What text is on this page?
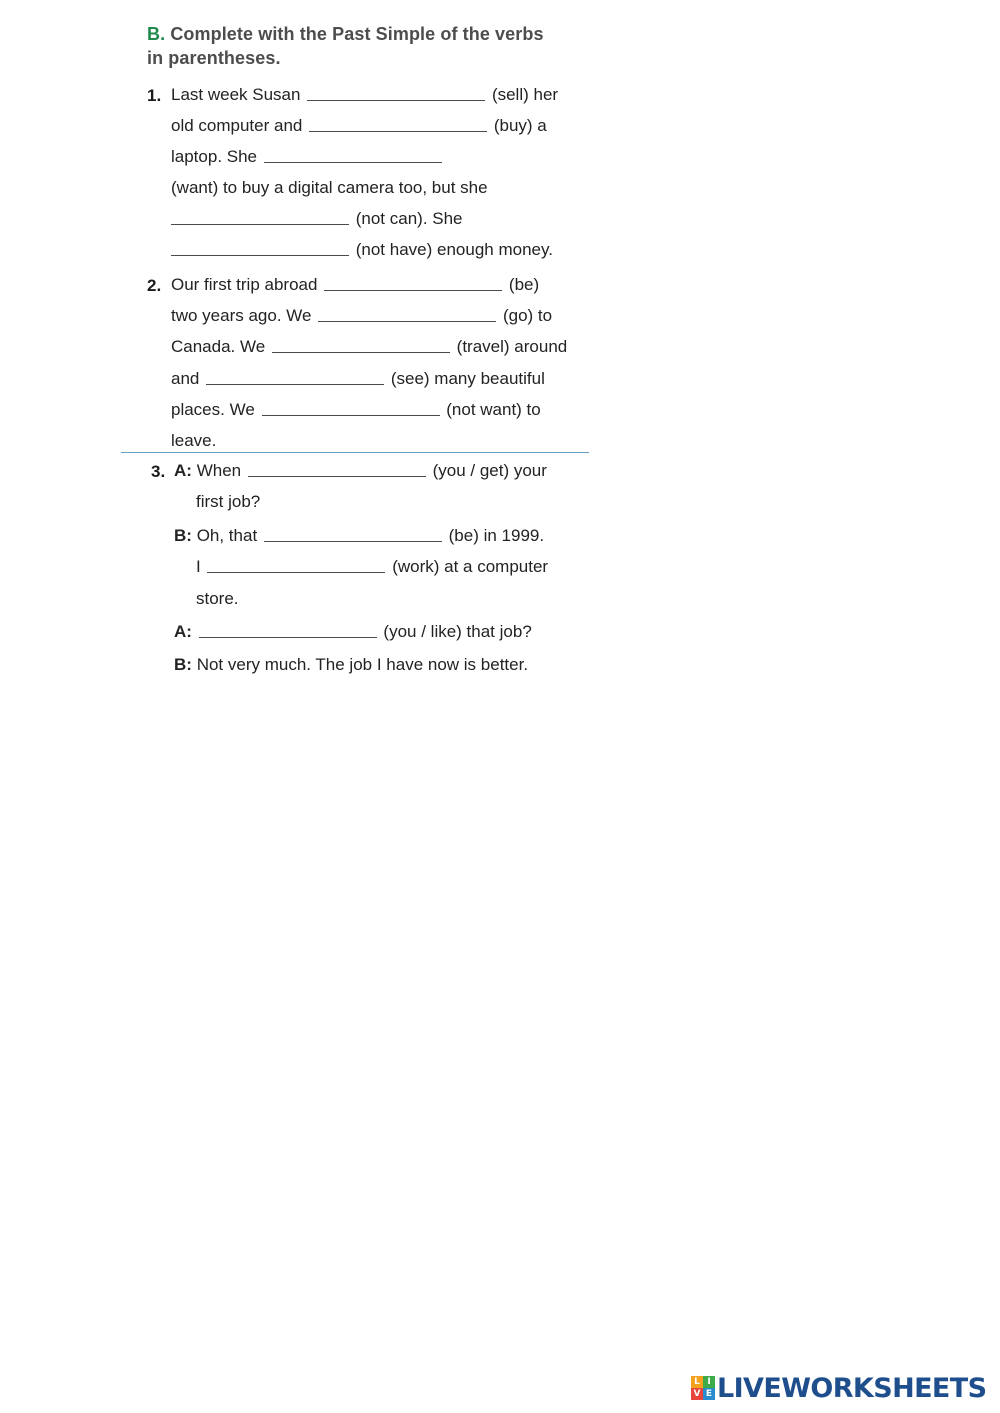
B. Complete with the Past Simple of the verbs
in parentheses.
1. Last week Susan	(sell) her
old computer and	(buy) a
laptop. She
(want) to buy a digital camera too, but she
(not can). She
(not have) enough money.
2. Our first trip abroad	(be)
two years ago. We	(go) to
Canada. We	(travel) around
and	(see) many beautiful
places. We	(not want) to
leave.
3. A: When	(you / get) your
first job?
B: Oh, that	(be) in 1999.
I	(work) at a computer
store.
A:	(you / like) that job?
B: Not very much. The job I have now is better.
L I
V E LIVEWORKSHEETS
